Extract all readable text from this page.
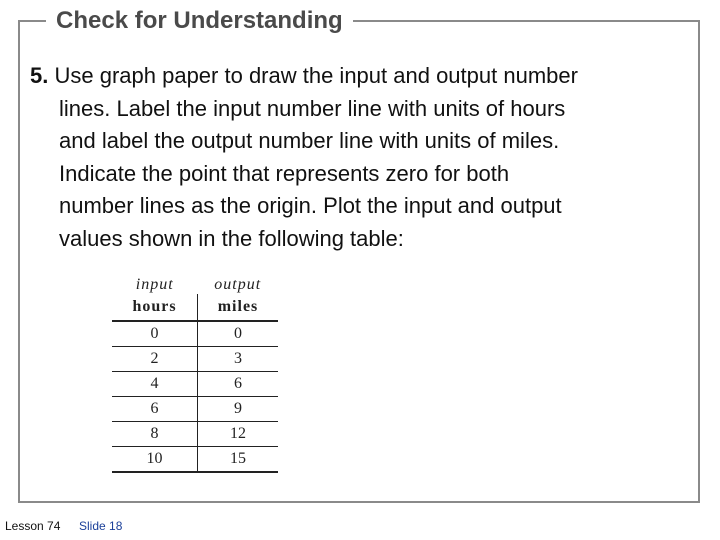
Check for Understanding
5. Use graph paper to draw the input and output number
lines. Label the input number line with units of hours
and label the output number line with units of miles.
Indicate the point that represents zero for both
number lines as the origin. Plot the input and output
values shown in the following table:
input	output
hours	miles
0	0
2	3
4	6
6	9
8	12
10	15
Lesson 74 Slide 18
